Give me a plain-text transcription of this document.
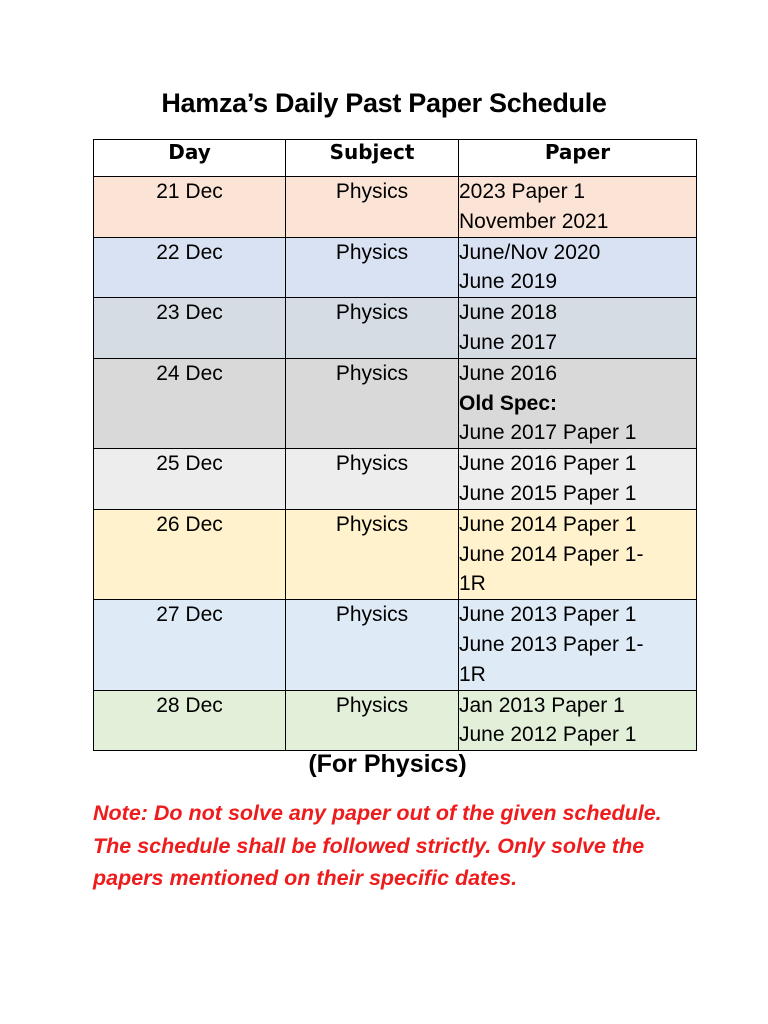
Hamza’s Daily Past Paper Schedule
Day	Subject	Paper
21 Dec	Physics	2023 Paper 1
November 2021

22 Dec	Physics	June/Nov 2020
June 2019

23 Dec	Physics	June 2018
June 2017

24 Dec	Physics	June 2016
Old Spec:
June 2017 Paper 1

25 Dec	Physics	June 2016 Paper 1
June 2015 Paper 1

26 Dec	Physics	June 2014 Paper 1
June 2014 Paper 1-
1R

27 Dec	Physics	June 2013 Paper 1
June 2013 Paper 1-
1R

28 Dec	Physics	Jan 2013 Paper 1
June 2012 Paper 1
(For Physics)
Note: Do not solve any paper out of the given schedule. The schedule shall be followed strictly. Only solve the papers mentioned on their specific dates.
